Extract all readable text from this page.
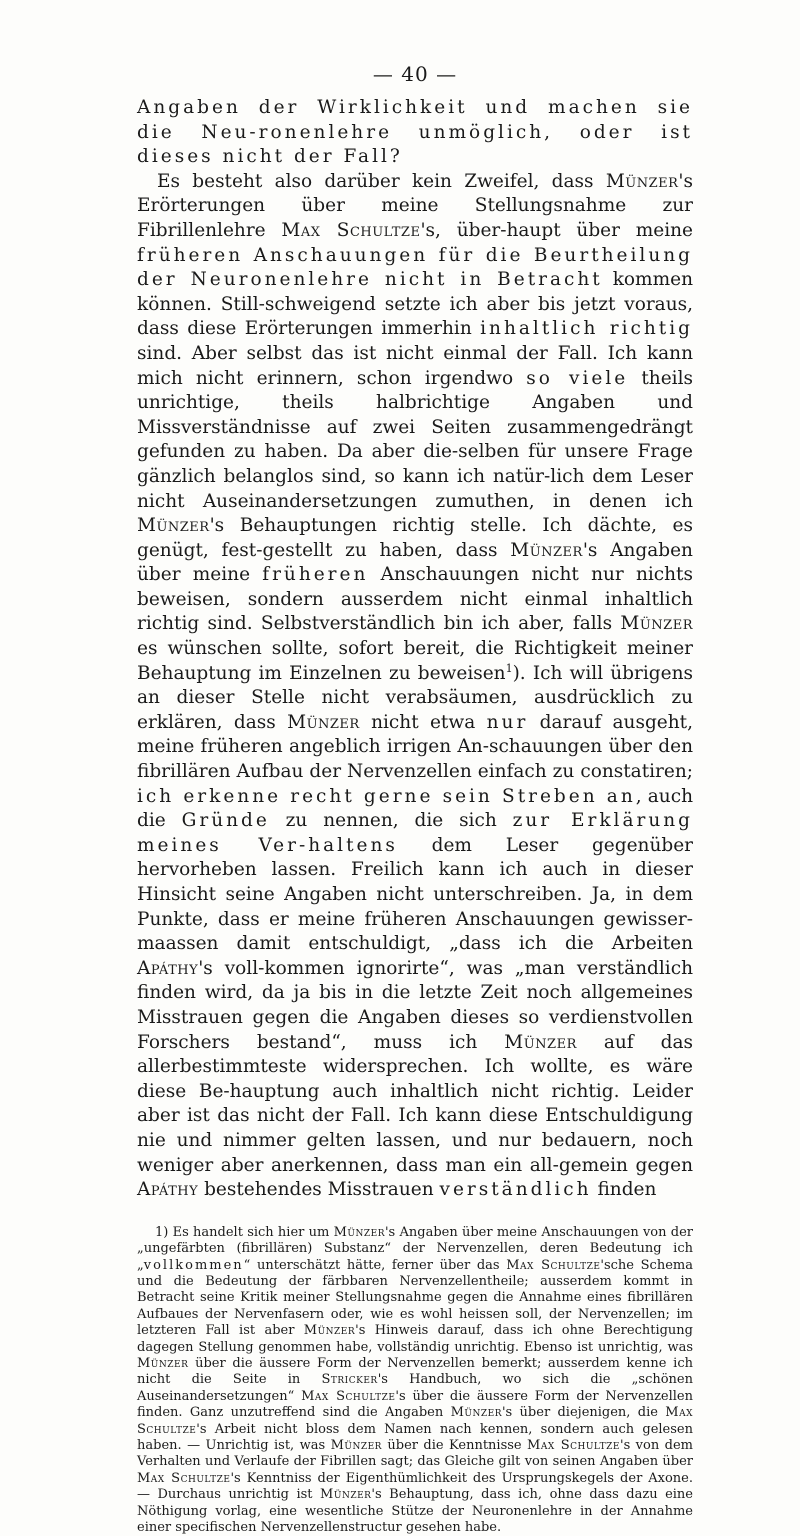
— 40 —

Angaben der Wirklichkeit und machen sie die Neu-ronenlehre unmöglich, oder ist dieses nicht der Fall?

Es besteht also darüber kein Zweifel, dass Münzer's Erörterungen über meine Stellungsnahme zur Fibrillenlehre Max Schultze's, über-haupt über meine früheren Anschauungen für die Beurtheilung der Neuronenlehre nicht in Betracht kommen können. Still-schweigend setzte ich aber bis jetzt voraus, dass diese Erörterungen immerhin inhaltlich richtig sind. Aber selbst das ist nicht einmal der Fall. Ich kann mich nicht erinnern, schon irgendwo so viele theils unrichtige, theils halbrichtige Angaben und Missverständnisse auf zwei Seiten zusammengedrängt gefunden zu haben. Da aber die-selben für unsere Frage gänzlich belanglos sind, so kann ich natür-lich dem Leser nicht Auseinandersetzungen zumuthen, in denen ich Münzer's Behauptungen richtig stelle. Ich dächte, es genügt, fest-gestellt zu haben, dass Münzer's Angaben über meine früheren Anschauungen nicht nur nichts beweisen, sondern ausserdem nicht einmal inhaltlich richtig sind. Selbstverständlich bin ich aber, falls Münzer es wünschen sollte, sofort bereit, die Richtigkeit meiner Behauptung im Einzelnen zu beweisen$^1$). Ich will übrigens an dieser Stelle nicht verabsäumen, ausdrücklich zu erklären, dass Münzer nicht etwa nur darauf ausgeht, meine früheren angeblich irrigen An-schauungen über den fibrillären Aufbau der Nervenzellen einfach zu constatiren; ich erkenne recht gerne sein Streben an, auch die Gründe zu nennen, die sich zur Erklärung meines Ver-haltens dem Leser gegenüber hervorheben lassen. Freilich kann ich auch in dieser Hinsicht seine Angaben nicht unterschreiben. Ja, in dem Punkte, dass er meine früheren Anschauungen gewisser-maassen damit entschuldigt, „dass ich die Arbeiten Apáthy's voll-kommen ignorirte“, was „man verständlich finden wird, da ja bis in die letzte Zeit noch allgemeines Misstrauen gegen die Angaben dieses so verdienstvollen Forschers bestand“, muss ich Münzer auf das allerbestimmteste widersprechen. Ich wollte, es wäre diese Be-hauptung auch inhaltlich nicht richtig. Leider aber ist das nicht der Fall. Ich kann diese Entschuldigung nie und nimmer gelten lassen, und nur bedauern, noch weniger aber anerkennen, dass man ein all-gemein gegen Apáthy bestehendes Misstrauen verständlich finden

1) Es handelt sich hier um Münzer's Angaben über meine Anschauungen von der „ungefärbten (fibrillären) Substanz“ der Nervenzellen, deren Bedeutung ich „vollkommen“ unterschätzt hätte, ferner über das Max Schultze'sche Schema und die Bedeutung der färbbaren Nervenzellentheile; ausserdem kommt in Betracht seine Kritik meiner Stellungsnahme gegen die Annahme eines fibrillären Aufbaues der Nervenfasern oder, wie es wohl heissen soll, der Nervenzellen; im letzteren Fall ist aber Münzer's Hinweis darauf, dass ich ohne Berechtigung dagegen Stellung genommen habe, vollständig unrichtig. Ebenso ist unrichtig, was Münzer über die äussere Form der Nervenzellen bemerkt; ausserdem kenne ich nicht die Seite in Stricker's Handbuch, wo sich die „schönen Auseinandersetzungen“ Max Schultze's über die äussere Form der Nervenzellen finden. Ganz unzutreffend sind die Angaben Münzer's über diejenigen, die Max Schultze's Arbeit nicht bloss dem Namen nach kennen, sondern auch gelesen haben. — Unrichtig ist, was Münzer über die Kenntnisse Max Schultze's von dem Verhalten und Verlaufe der Fibrillen sagt; das Gleiche gilt von seinen Angaben über Max Schultze's Kenntniss der Eigenthümlichkeit des Ursprungskegels der Axone. — Durchaus unrichtig ist Münzer's Behauptung, dass ich, ohne dass dazu eine Nöthigung vorlag, eine wesentliche Stütze der Neuronenlehre in der Annahme einer specifischen Nervenzellenstructur gesehen habe.
